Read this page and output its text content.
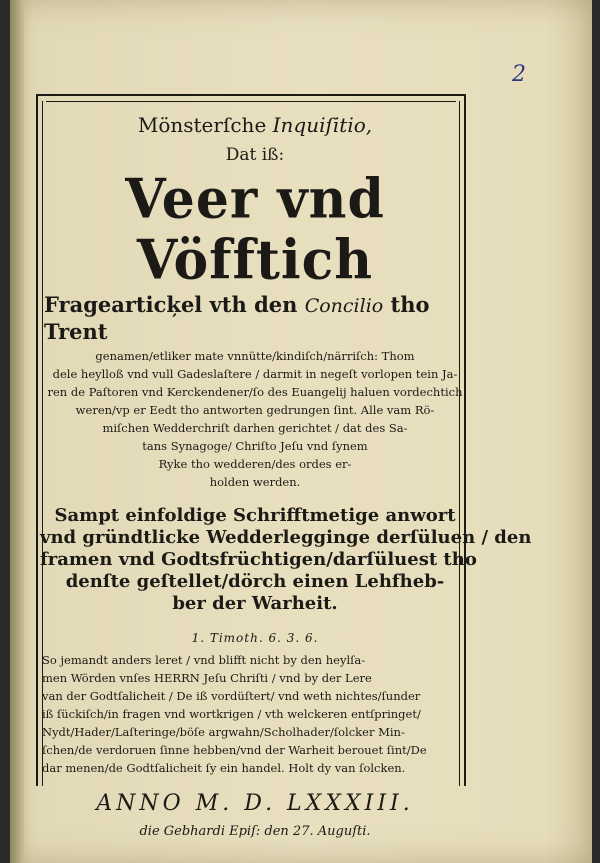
2
Mönsterſche Inquiſitio,
Dat iß:
Veer vnd Vöfftich
Fragearticķel vth den Concilio tho Trent
genamen/etliker mate vnnütte/kindiſch/närriſch: Thom
dele heylloß vnd vull Gadeslaſtere / darmit in negeſt vorlopen tein Ja-
ren de Paſtoren vnd Kerckendener/ſo des Euangelij haluen vordechtich
weren/vp er Eedt tho antworten gedrungen ſint. Alle vam Rö-
miſchen Wedderchriſt darhen gerichtet / dat des Sa-
tans Synagoge/ Chriſto Jeſu vnd ſynem
Ryke tho wedderen/des ordes er-
holden werden.
Sampt einfoldige Schrifftmetige anwort
vnd gründtlicke Wedderleggingе derſüluen / den
framen vnd Godtsfrüchtigen/darſüluest tho
denſte geſtellet/dörch einen Lehfheb-
ber der Warheit.
1. Timoth. 6. 3. 6.
So jemandt anders leret / vnd blifft nicht by den heylſa-
men Wörden vnſes HERRN Jeſu Chriſti / vnd by der Lere
van der Godtſalicheit / De iß vordüſtert/ vnd weth nichtes/ſunder
iß ſückiſch/in fragen vnd wortkrigen / vth welckeren entſpringet/
Nydt/Hader/Laſteringe/böſe argwahn/Scholhader/ſolcker Min-
ſchen/de verdoruen ſinne hebben/vnd der Warheit berouet ſint/De
dar menen/de Godtſalicheit ſy ein handel. Holt dy van ſolcken.
ANNO M. D. LXXXIII.
die Gebhardi Epiſ: den 27. Auguſti.
